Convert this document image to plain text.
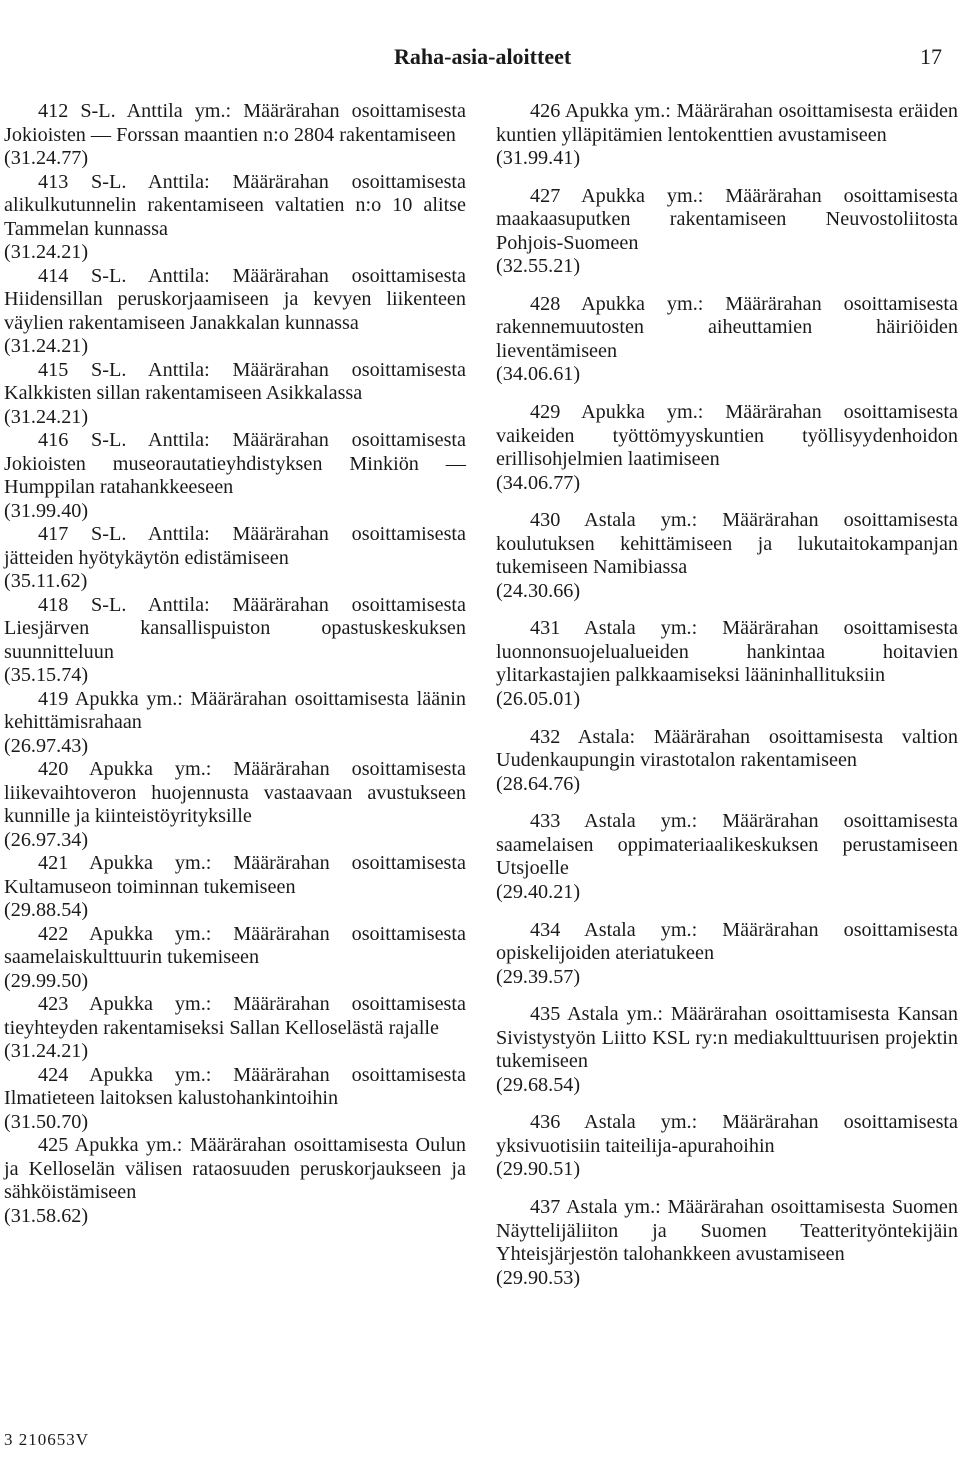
Raha-asia-aloitteet	17

412 S-L. Anttila ym.: Määrärahan osoittamisesta Jokioisten — Forssan maantien n:o 2804 rakentamiseen

(31.24.77)

413 S-L. Anttila: Määrärahan osoittamisesta alikulkutunnelin rakentamiseen valtatien n:o 10 alitse Tammelan kunnassa

(31.24.21)

414 S-L. Anttila: Määrärahan osoittamisesta Hiidensillan peruskorjaamiseen ja kevyen liikenteen väylien rakentamiseen Janakkalan kunnassa

(31.24.21)

415 S-L. Anttila: Määrärahan osoittamisesta Kalkkisten sillan rakentamiseen Asikkalassa

(31.24.21)

416 S-L. Anttila: Määrärahan osoittamisesta Jokioisten museorautatieyhdistyksen Minkiön — Humppilan ratahankkeeseen

(31.99.40)

417 S-L. Anttila: Määrärahan osoittamisesta jätteiden hyötykäytön edistämiseen

(35.11.62)

418 S-L. Anttila: Määrärahan osoittamisesta Liesjärven kansallispuiston opastuskeskuksen suunnitteluun

(35.15.74)

419 Apukka ym.: Määrärahan osoittamisesta läänin kehittämisrahaan

(26.97.43)

420 Apukka ym.: Määrärahan osoittamisesta liikevaihtoveron huojennusta vastaavaan avustukseen kunnille ja kiinteistöyrityksille

(26.97.34)

421 Apukka ym.: Määrärahan osoittamisesta Kultamuseon toiminnan tukemiseen

(29.88.54)

422 Apukka ym.: Määrärahan osoittamisesta saamelaiskulttuurin tukemiseen

(29.99.50)

423 Apukka ym.: Määrärahan osoittamisesta tieyhteyden rakentamiseksi Sallan Kelloselästä rajalle

(31.24.21)

424 Apukka ym.: Määrärahan osoittamisesta Ilmatieteen laitoksen kalustohankintoihin

(31.50.70)

425 Apukka ym.: Määrärahan osoittamisesta Oulun ja Kelloselän välisen rataosuuden peruskorjaukseen ja sähköistämiseen

(31.58.62)

426 Apukka ym.: Määrärahan osoittamisesta eräiden kuntien ylläpitämien lentokenttien avustamiseen

(31.99.41)

427 Apukka ym.: Määrärahan osoittamisesta maakaasuputken rakentamiseen Neuvostoliitosta Pohjois-Suomeen

(32.55.21)

428 Apukka ym.: Määrärahan osoittamisesta rakennemuutosten aiheuttamien häiriöiden lieventämiseen

(34.06.61)

429 Apukka ym.: Määrärahan osoittamisesta vaikeiden työttömyyskuntien työllisyydenhoidon erillisohjelmien laatimiseen

(34.06.77)

430 Astala ym.: Määrärahan osoittamisesta koulutuksen kehittämiseen ja lukutaitokampanjan tukemiseen Namibiassa

(24.30.66)

431 Astala ym.: Määrärahan osoittamisesta luonnonsuojelualueiden hankintaa hoitavien ylitarkastajien palkkaamiseksi lääninhallituksiin

(26.05.01)

432 Astala: Määrärahan osoittamisesta valtion Uudenkaupungin virastotalon rakentamiseen

(28.64.76)

433 Astala ym.: Määrärahan osoittamisesta saamelaisen oppimateriaalikeskuksen perustamiseen Utsjoelle

(29.40.21)

434 Astala ym.: Määrärahan osoittamisesta opiskelijoiden ateriatukeen

(29.39.57)

435 Astala ym.: Määrärahan osoittamisesta Kansan Sivistystyön Liitto KSL ry:n mediakulttuurisen projektin tukemiseen

(29.68.54)

436 Astala ym.: Määrärahan osoittamisesta yksivuotisiin taiteilija-apurahoihin

(29.90.51)

437 Astala ym.: Määrärahan osoittamisesta Suomen Näyttelijäliiton ja Suomen Teatterityöntekijäin Yhteisjärjestön talohankkeen avustamiseen

(29.90.53)

3 210653V
